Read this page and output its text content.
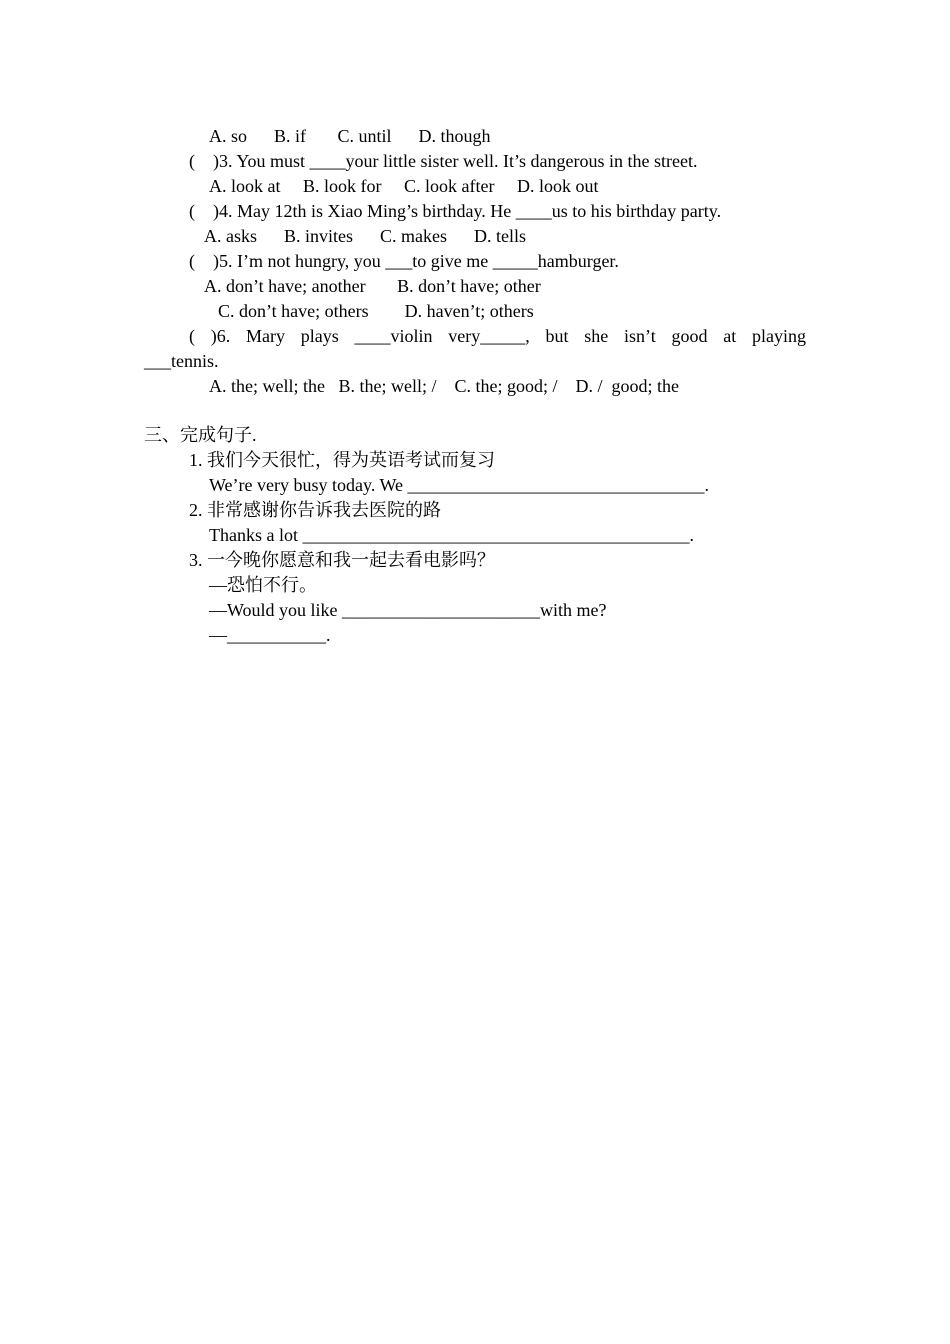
A. so      B. if       C. until      D. though
(    )3. You must ____your little sister well. It’s dangerous in the street.
A. look at     B. look for     C. look after     D. look out
(    )4. May 12th is Xiao Ming’s birthday. He ____us to his birthday party.
A. asks      B. invites      C. makes      D. tells
(    )5. I’m not hungry, you ___to give me _____hamburger.
A. don’t have; another       B. don’t have; other
C. don’t have; others        D. haven’t; others
( )6. Mary plays ____violin very_____, but she isn’t good at playing
___tennis.
A. the; well; the   B. the; well; /    C. the; good; /    D. /  good; the
三、完成句子.
1. 我们今天很忙，得为英语考试而复习
We’re very busy today. We _________________________________.
2. 非常感谢你告诉我去医院的路
Thanks a lot ___________________________________________.
3. 一今晚你愿意和我一起去看电影吗？
—恐怕不行。
—Would you like ______________________with me?
—___________.
